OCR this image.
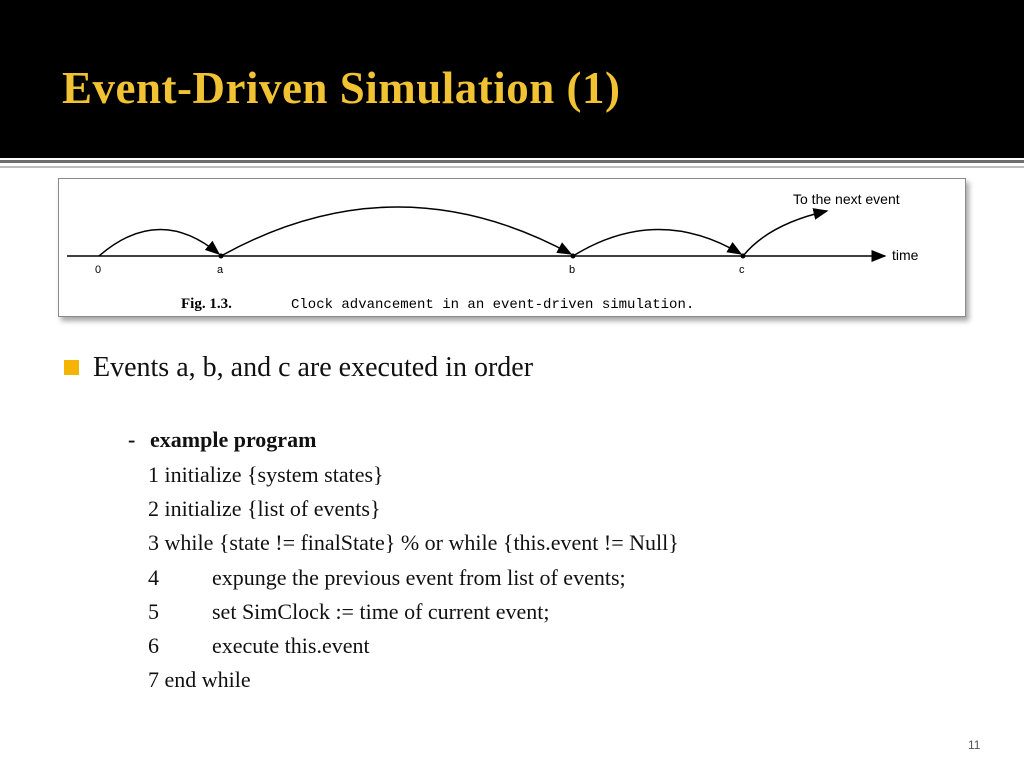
Event-Driven Simulation (1)
0	a	b	c
time
To the next event
Fig. 1.3.	Clock advancement in an event-driven simulation.
Events a, b, and c are executed in order
- example program
1 initialize {system states}
2 initialize {list of events}
3 while {state != finalState} % or while {this.event != Null}
4 expunge the previous event from list of events;
5 set SimClock := time of current event;
6 execute this.event
7 end while
11
